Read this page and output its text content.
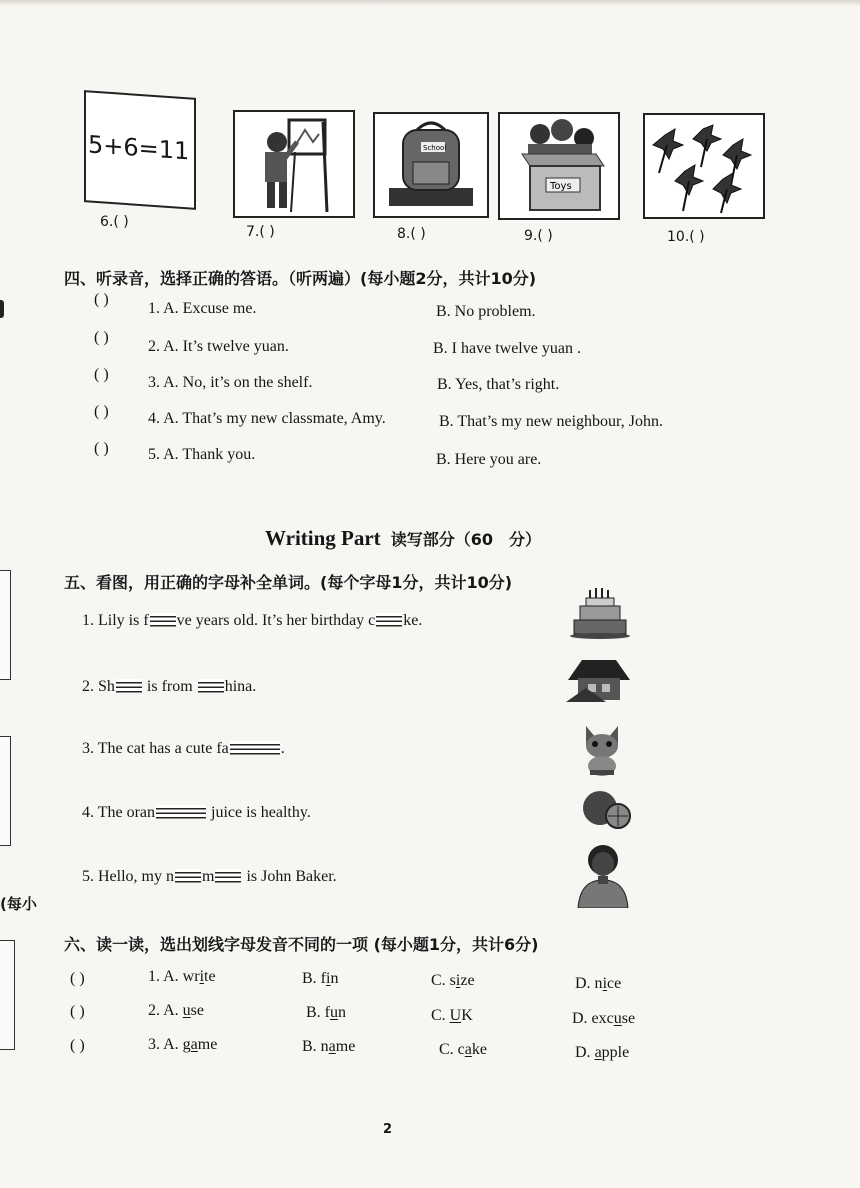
(每小
5+6=11	School
Toys
6.( )
7.( )	8.( )	9.( )	10.( )
四、听录音，选择正确的答语。（听两遍）(每小题2分，共计10分)
( )
1. A. Excuse me.	B. No problem.
( )
2. A. It’s twelve yuan.	B. I have twelve yuan .
( ) 3. A. No, it’s on the shelf.	B. Yes, that’s right.
( ) 4. A. That’s my new classmate, Amy.	B. That’s my new neighbour, John.
( ) 5. A. Thank you.	B. Here you are.
Writing Part 读写部分（60　分）
五、看图，用正确的字母补全单词。(每个字母1分，共计10分)
1. Lily is f ve years old. It’s her birthday c ke.
2. Sh is from hina.
3. The cat has a cute fa	.
4. The oran	juice is healthy.
5. Hello, my n m is John Baker.
六、读一读，选出划线字母发音不同的一项 (每小题1分，共计6分)
( )	1. A. write	B. fin	C. size	D. nice
( )	2. A. use	B. fun	C. UK	D. excuse
( )	3. A. game	B. name	C. cake	D. apple
2
